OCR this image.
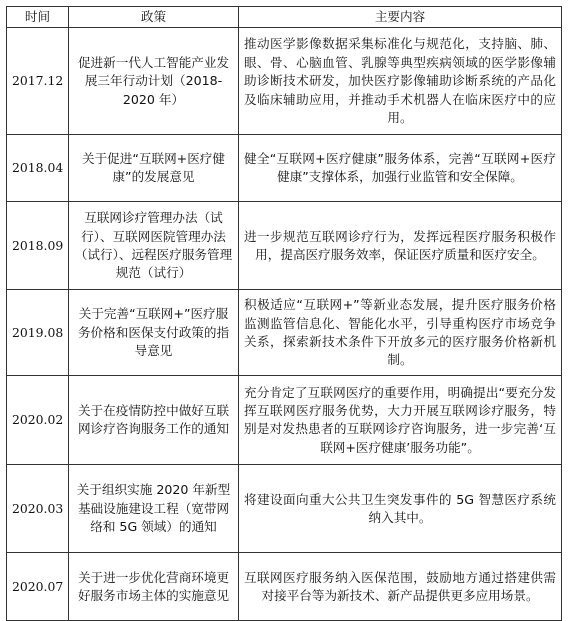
时间	政策	主要内容
2017.12	促进新一代人工智能产业发展三年行动计划（2018-2020 年）	推动医学影像数据采集标准化与规范化，支持脑、肺、眼、骨、心脑血管、乳腺等典型疾病领域的医学影像辅助诊断技术研发，加快医疗影像辅助诊断系统的产品化及临床辅助应用，并推动手术机器人在临床医疗中的应用。
2018.04	关于促进“互联网+医疗健康”的发展意见	健全“互联网+医疗健康”服务体系，完善“互联网+医疗健康”支撑体系，加强行业监管和安全保障。
2018.09	互联网诊疗管理办法（试行）、互联网医院管理办法（试行）、远程医疗服务管理规范（试行）	进一步规范互联网诊疗行为，发挥远程医疗服务积极作用，提高医疗服务效率，保证医疗质量和医疗安全。
2019.08	关于完善“互联网+”医疗服务价格和医保支付政策的指导意见	积极适应“互联网+”等新业态发展，提升医疗服务价格监测监管信息化、智能化水平，引导重构医疗市场竞争关系，探索新技术条件下开放多元的医疗服务价格新机制。
2020.02	关于在疫情防控中做好互联网诊疗咨询服务工作的通知	充分肯定了互联网医疗的重要作用，明确提出“要充分发挥互联网医疗服务优势，大力开展互联网诊疗服务，特别是对发热患者的互联网诊疗咨询服务，进一步完善‘互联网+医疗健康’服务功能”。
2020.03	关于组织实施 2020 年新型基础设施建设工程（宽带网络和 5G 领域）的通知	将建设面向重大公共卫生突发事件的 5G 智慧医疗系统纳入其中。
2020.07	关于进一步优化营商环境更好服务市场主体的实施意见	互联网医疗服务纳入医保范围，鼓励地方通过搭建供需对接平台等为新技术、新产品提供更多应用场景。
